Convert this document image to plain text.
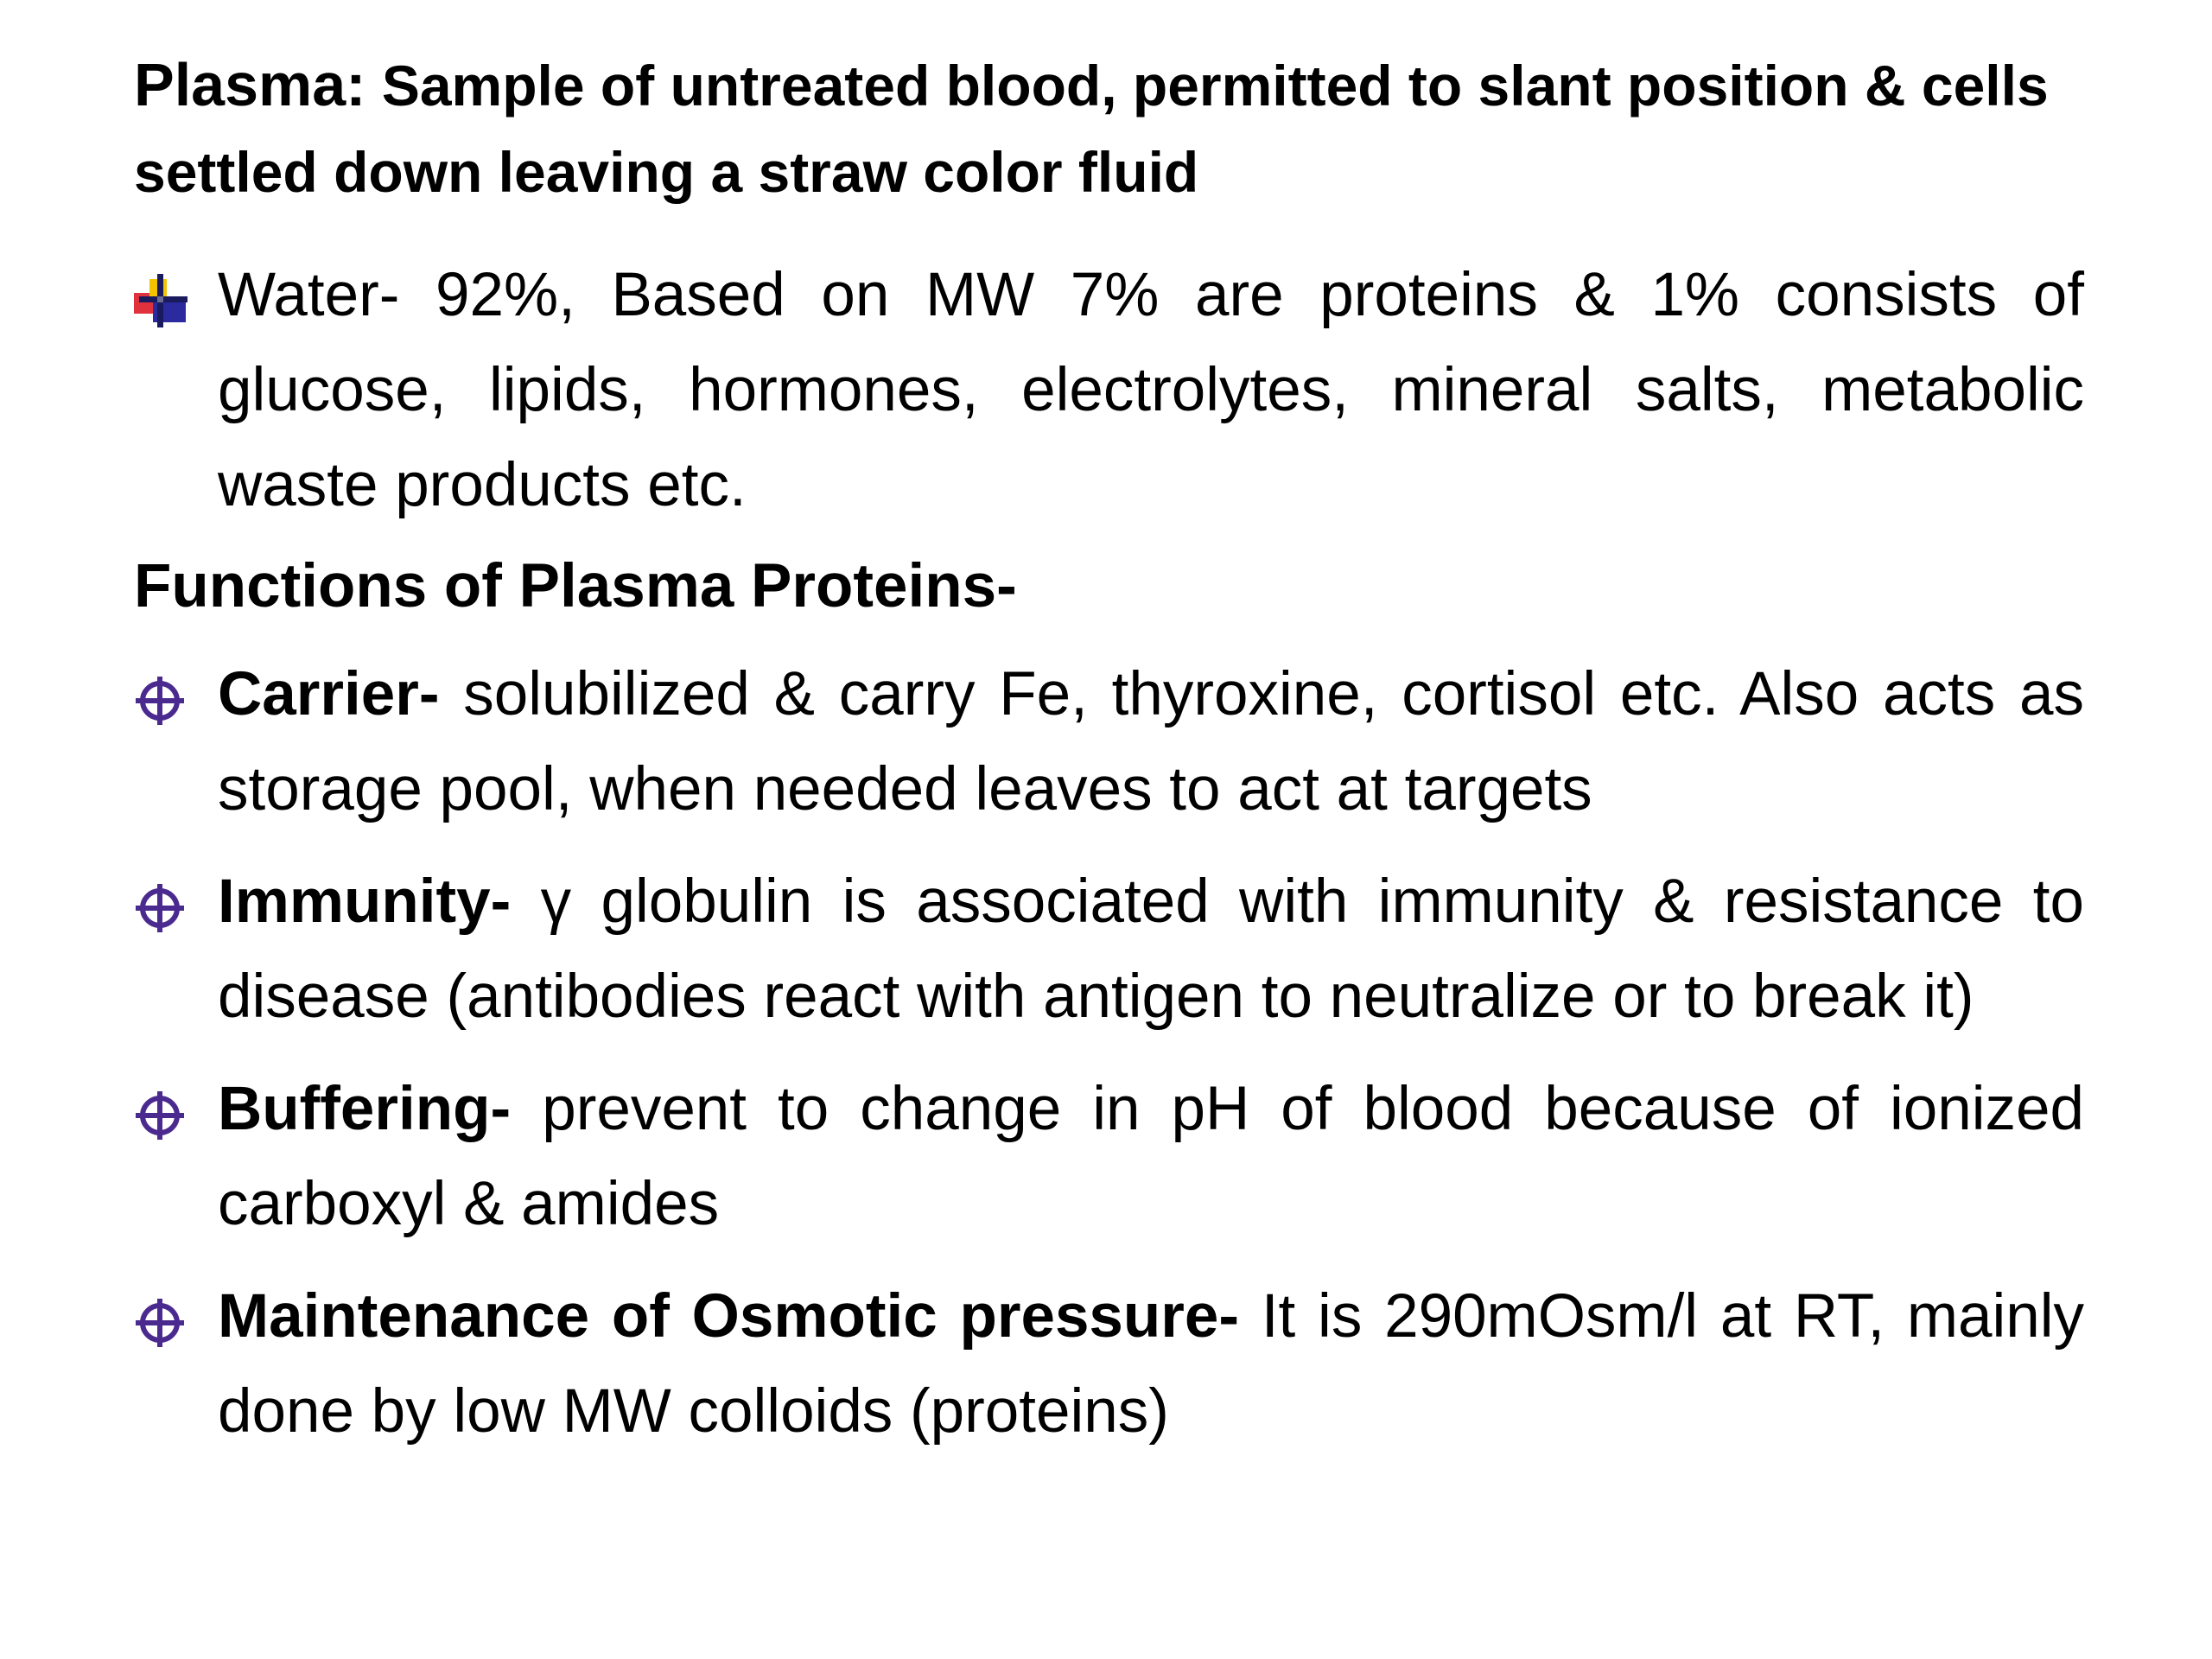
Plasma: Sample of untreated blood, permitted to slant position & cells settled down leaving a straw color fluid
Water- 92%, Based on MW 7% are proteins & 1% consists of glucose, lipids, hormones, electrolytes, mineral salts, metabolic waste products etc.
Functions of Plasma Proteins-
Carrier- solubilized & carry Fe, thyroxine, cortisol etc. Also acts as storage pool, when needed leaves to act at targets
Immunity- γ globulin is associated with immunity & resistance to disease (antibodies react with antigen to neutralize or to break it)
Buffering- prevent to change in pH of blood because of ionized carboxyl & amides
Maintenance of Osmotic pressure- It is 290mOsm/l at RT, mainly done by low MW colloids (proteins)
